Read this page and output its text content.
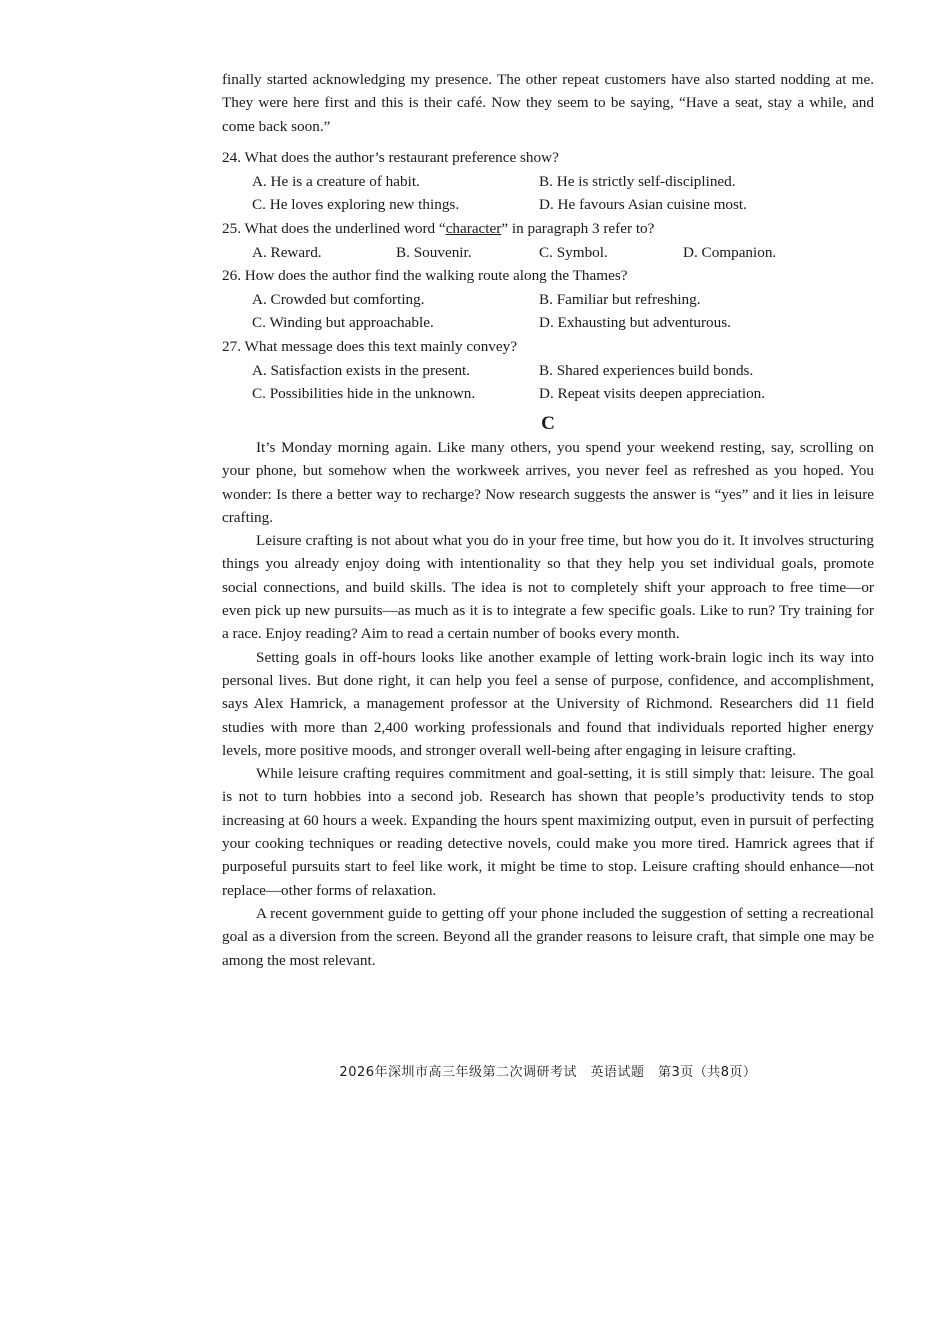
finally started acknowledging my presence. The other repeat customers have also started nodding at me. They were here first and this is their café. Now they seem to be saying, “Have a seat, stay a while, and come back soon.”

24. What does the author’s restaurant preference show?

A. He is a creature of habit.	B. He is strictly self-disciplined.
C. He loves exploring new things.	D. He favours Asian cuisine most.

25. What does the underlined word “character” in paragraph 3 refer to?

A. Reward.	B. Souvenir.	C. Symbol.	D. Companion.

26. How does the author find the walking route along the Thames?

A. Crowded but comforting.	B. Familiar but refreshing.
C. Winding but approachable.	D. Exhausting but adventurous.

27. What message does this text mainly convey?

A. Satisfaction exists in the present.	B. Shared experiences build bonds.
C. Possibilities hide in the unknown.	D. Repeat visits deepen appreciation.
C

It’s Monday morning again. Like many others, you spend your weekend resting, say, scrolling on your phone, but somehow when the workweek arrives, you never feel as refreshed as you hoped. You wonder: Is there a better way to recharge? Now research suggests the answer is “yes” and it lies in leisure crafting.

Leisure crafting is not about what you do in your free time, but how you do it. It involves structuring things you already enjoy doing with intentionality so that they help you set individual goals, promote social connections, and build skills. The idea is not to completely shift your approach to free time—or even pick up new pursuits—as much as it is to integrate a few specific goals. Like to run? Try training for a race. Enjoy reading? Aim to read a certain number of books every month.

Setting goals in off-hours looks like another example of letting work-brain logic inch its way into personal lives. But done right, it can help you feel a sense of purpose, confidence, and accomplishment, says Alex Hamrick, a management professor at the University of Richmond. Researchers did 11 field studies with more than 2,400 working professionals and found that individuals reported higher energy levels, more positive moods, and stronger overall well-being after engaging in leisure crafting.

While leisure crafting requires commitment and goal-setting, it is still simply that: leisure. The goal is not to turn hobbies into a second job. Research has shown that people’s productivity tends to stop increasing at 60 hours a week. Expanding the hours spent maximizing output, even in pursuit of perfecting your cooking techniques or reading detective novels, could make you more tired. Hamrick agrees that if purposeful pursuits start to feel like work, it might be time to stop. Leisure crafting should enhance—not replace—other forms of relaxation.

A recent government guide to getting off your phone included the suggestion of setting a recreational goal as a diversion from the screen. Beyond all the grander reasons to leisure craft, that simple one may be among the most relevant.

2026年深圳市高三年级第二次调研考试　英语试题　第3页（共8页）
